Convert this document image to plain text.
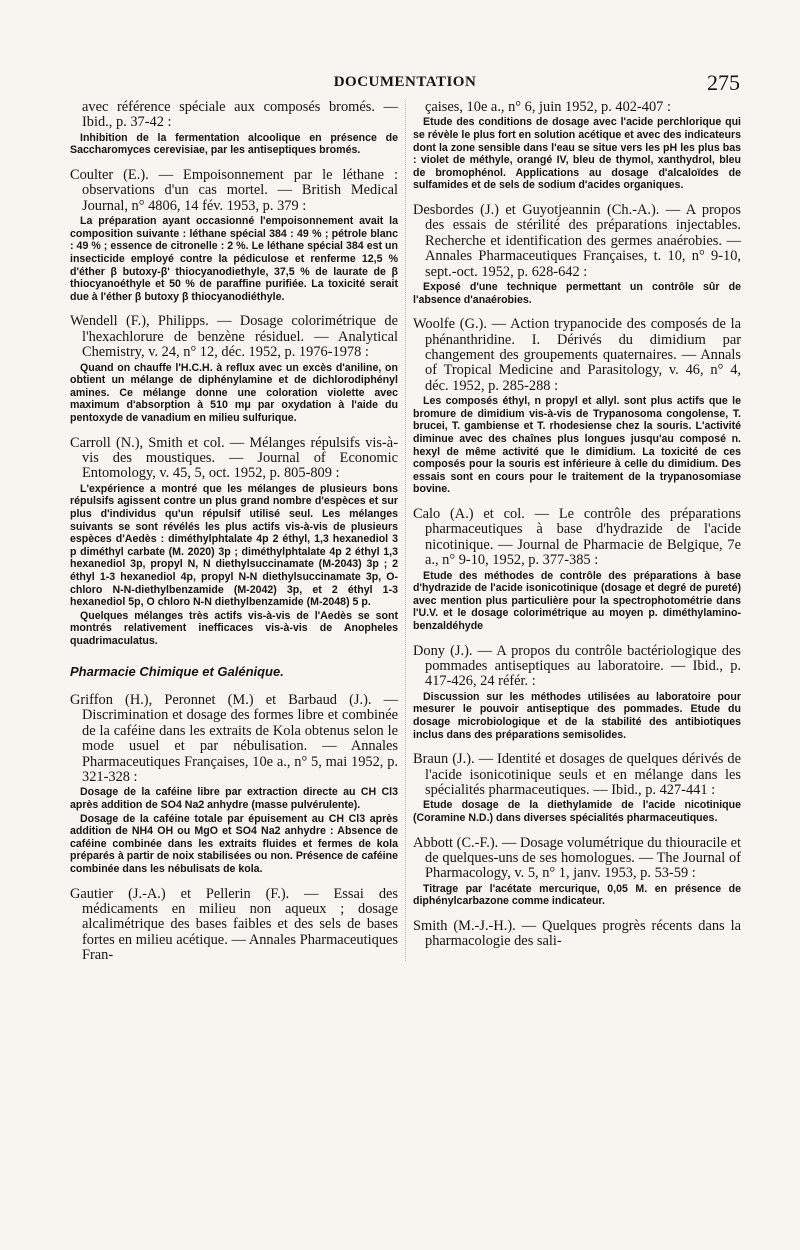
DOCUMENTATION	275

avec référence spéciale aux composés bromés. — Ibid., p. 37-42 :

Inhibition de la fermentation alcoolique en présence de Saccharomyces cerevisiae, par les antiseptiques bromés.

Coulter (E.). — Empoisonnement par le léthane : observations d'un cas mortel. — British Medical Journal, n° 4806, 14 fév. 1953, p. 379 :

La préparation ayant occasionné l'empoisonnement avait la composition suivante : léthane spécial 384 : 49 % ; pétrole blanc : 49 % ; essence de citronelle : 2 %. Le léthane spécial 384 est un insecticide employé contre la pédiculose et renferme 12,5 % d'éther β butoxy-β' thiocyanodiethyle, 37,5 % de laurate de β thiocyanoéthyle et 50 % de paraffine purifiée. La toxicité serait due à l'éther β butoxy β thiocyanodiéthyle.

Wendell (F.), Philipps. — Dosage colorimétrique de l'hexachlorure de benzène résiduel. — Analytical Chemistry, v. 24, n° 12, déc. 1952, p. 1976-1978 :

Quand on chauffe l'H.C.H. à reflux avec un excès d'aniline, on obtient un mélange de diphénylamine et de dichlorodiphényl amines. Ce mélange donne une coloration violette avec maximum d'absorption à 510 mμ par oxydation à l'aide du pentoxyde de vanadium en milieu sulfurique.

Carroll (N.), Smith et col. — Mélanges répulsifs vis-à-vis des moustiques. — Journal of Economic Entomology, v. 45, 5, oct. 1952, p. 805-809 :

L'expérience a montré que les mélanges de plusieurs bons répulsifs agissent contre un plus grand nombre d'espèces et sur plus d'individus qu'un répulsif utilisé seul. Les mélanges suivants se sont révélés les plus actifs vis-à-vis de plusieurs espèces d'Aedès : diméthylphtalate 4p 2 éthyl, 1,3 hexanediol 3 p diméthyl carbate (M. 2020) 3p ; diméthylphtalate 4p 2 éthyl 1,3 hexanediol 3p, propyl N, N diethylsuccinamate (M-2043) 3p ; 2 éthyl 1-3 hexanediol 4p, propyl N-N diethylsuccinamate 3p, O-chloro N-N-diethylbenzamide (M-2042) 3p, et 2 éthyl 1-3 hexanediol 5p, O chloro N-N diethylbenzamide (M-2048) 5 p.

Quelques mélanges très actifs vis-à-vis de l'Aedès se sont montrés relativement inefficaces vis-à-vis de Anopheles quadrimaculatus.

Pharmacie Chimique et Galénique.

Griffon (H.), Peronnet (M.) et Barbaud (J.). — Discrimination et dosage des formes libre et combinée de la caféine dans les extraits de Kola obtenus selon le mode usuel et par nébulisation. — Annales Pharmaceutiques Françaises, 10e a., n° 5, mai 1952, p. 321-328 :

Dosage de la caféine libre par extraction directe au CH Cl3 après addition de SO4 Na2 anhydre (masse pulvérulente).

Dosage de la caféine totale par épuisement au CH Cl3 après addition de NH4 OH ou MgO et SO4 Na2 anhydre : Absence de caféine combinée dans les extraits fluides et fermes de kola préparés à partir de noix stabilisées ou non. Présence de caféine combinée dans les nébulisats de kola.

Gautier (J.-A.) et Pellerin (F.). — Essai des médicaments en milieu non aqueux ; dosage alcalimétrique des bases faibles et des sels de bases fortes en milieu acétique. — Annales Pharmaceutiques Fran-

çaises, 10e a., n° 6, juin 1952, p. 402-407 :

Etude des conditions de dosage avec l'acide perchlorique qui se révèle le plus fort en solution acétique et avec des indicateurs dont la zone sensible dans l'eau se situe vers les pH les plus bas : violet de méthyle, orangé IV, bleu de thymol, xanthydrol, bleu de bromophénol. Applications au dosage d'alcaloïdes de sulfamides et de sels de sodium d'acides organiques.

Desbordes (J.) et Guyotjeannin (Ch.-A.). — A propos des essais de stérilité des préparations injectables. Recherche et identification des germes anaérobies. — Annales Pharmaceutiques Françaises, t. 10, n° 9-10, sept.-oct. 1952, p. 628-642 :

Exposé d'une technique permettant un contrôle sûr de l'absence d'anaérobies.

Woolfe (G.). — Action trypanocide des composés de la phénanthridine. I. Dérivés du dimidium par changement des groupements quaternaires. — Annals of Tropical Medicine and Parasitology, v. 46, n° 4, déc. 1952, p. 285-288 :

Les composés éthyl, n propyl et allyl. sont plus actifs que le bromure de dimidium vis-à-vis de Trypanosoma congolense, T. brucei, T. gambiense et T. rhodesiense chez la souris. L'activité diminue avec des chaînes plus longues jusqu'au composé n. hexyl de même activité que le dimidium. La toxicité de ces composés pour la souris est inférieure à celle du dimidium. Des essais sont en cours pour le traitement de la trypanosomiase bovine.

Calo (A.) et col. — Le contrôle des préparations pharmaceutiques à base d'hydrazide de l'acide nicotinique. — Journal de Pharmacie de Belgique, 7e a., n° 9-10, 1952, p. 377-385 :

Etude des méthodes de contrôle des préparations à base d'hydrazide de l'acide isonicotinique (dosage et degré de pureté) avec mention plus particulière pour la spectrophotométrie dans l'U.V. et le dosage colorimétrique au moyen p. diméthylamino-benzaldéhyde

Dony (J.). — A propos du contrôle bactériologique des pommades antiseptiques au laboratoire. — Ibid., p. 417-426, 24 référ. :

Discussion sur les méthodes utilisées au laboratoire pour mesurer le pouvoir antiseptique des pommades. Etude du dosage microbiologique et de la stabilité des antibiotiques inclus dans des préparations semisolides.

Braun (J.). — Identité et dosages de quelques dérivés de l'acide isonicotinique seuls et en mélange dans les spécialités pharmaceutiques. — Ibid., p. 427-441 :

Etude dosage de la diethylamide de l'acide nicotinique (Coramine N.D.) dans diverses spécialités pharmaceutiques.

Abbott (C.-F.). — Dosage volumétrique du thiouracile et de quelques-uns de ses homologues. — The Journal of Pharmacology, v. 5, n° 1, janv. 1953, p. 53-59 :

Titrage par l'acétate mercurique, 0,05 M. en présence de diphénylcarbazone comme indicateur.

Smith (M.-J.-H.). — Quelques progrès récents dans la pharmacologie des sali-
